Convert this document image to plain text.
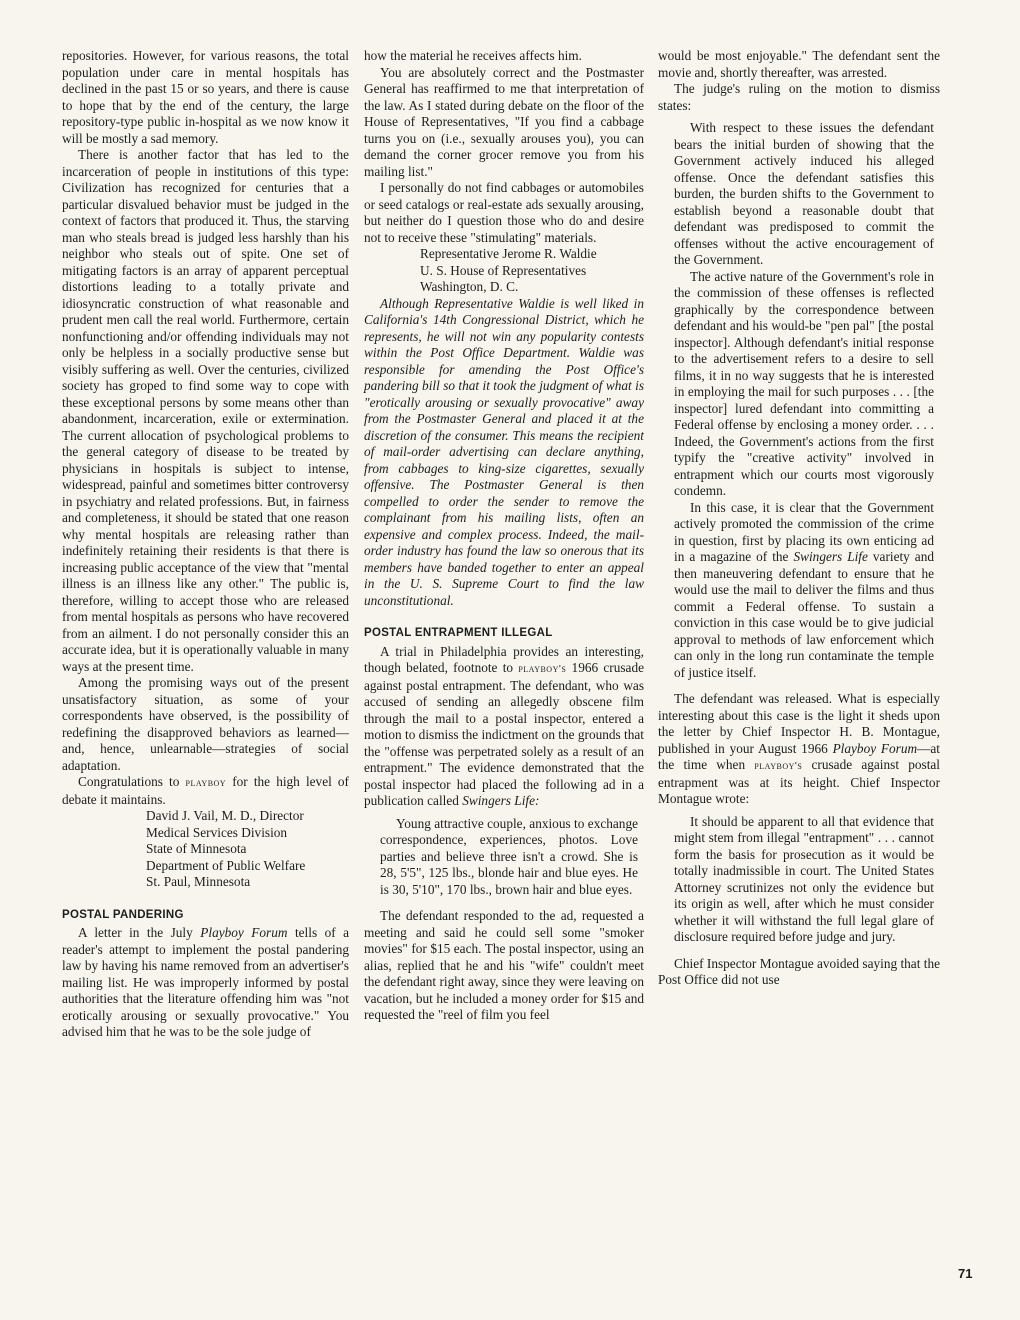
repositories. However, for various reasons, the total population under care in mental hospitals has declined in the past 15 or so years, and there is cause to hope that by the end of the century, the large repository-type public in-hospital as we now know it will be mostly a sad memory.

There is another factor that has led to the incarceration of people in institutions of this type: Civilization has recognized for centuries that a particular disvalued behavior must be judged in the context of factors that produced it. Thus, the starving man who steals bread is judged less harshly than his neighbor who steals out of spite. One set of mitigating factors is an array of apparent perceptual distortions leading to a totally private and idiosyncratic construction of what reasonable and prudent men call the real world. Furthermore, certain nonfunctioning and/or offending individuals may not only be helpless in a socially productive sense but visibly suffering as well. Over the centuries, civilized society has groped to find some way to cope with these exceptional persons by some means other than abandonment, incarceration, exile or extermination. The current allocation of psychological problems to the general category of disease to be treated by physicians in hospitals is subject to intense, widespread, painful and sometimes bitter controversy in psychiatry and related professions. But, in fairness and completeness, it should be stated that one reason why mental hospitals are releasing rather than indefinitely retaining their residents is that there is increasing public acceptance of the view that "mental illness is an illness like any other." The public is, therefore, willing to accept those who are released from mental hospitals as persons who have recovered from an ailment. I do not personally consider this an accurate idea, but it is operationally valuable in many ways at the present time.

Among the promising ways out of the present unsatisfactory situation, as some of your correspondents have observed, is the possibility of redefining the disapproved behaviors as learned—and, hence, unlearnable—strategies of social adaptation.

Congratulations to playboy for the high level of debate it maintains.

David J. Vail, M. D., Director
Medical Services Division
State of Minnesota
Department of Public Welfare
St. Paul, Minnesota
POSTAL PANDERING

A letter in the July Playboy Forum tells of a reader's attempt to implement the postal pandering law by having his name removed from an advertiser's mailing list. He was improperly informed by postal authorities that the literature offending him was "not erotically arousing or sexually provocative." You advised him that he was to be the sole judge of

how the material he receives affects him.

You are absolutely correct and the Postmaster General has reaffirmed to me that interpretation of the law. As I stated during debate on the floor of the House of Representatives, "If you find a cabbage turns you on (i.e., sexually arouses you), you can demand the corner grocer remove you from his mailing list."

I personally do not find cabbages or automobiles or seed catalogs or real-estate ads sexually arousing, but neither do I question those who do and desire not to receive these "stimulating" materials.

Representative Jerome R. Waldie
U. S. House of Representatives
Washington, D. C.

Although Representative Waldie is well liked in California's 14th Congressional District, which he represents, he will not win any popularity contests within the Post Office Department. Waldie was responsible for amending the Post Office's pandering bill so that it took the judgment of what is "erotically arousing or sexually provocative" away from the Postmaster General and placed it at the discretion of the consumer. This means the recipient of mail-order advertising can declare anything, from cabbages to king-size cigarettes, sexually offensive. The Postmaster General is then compelled to order the sender to remove the complainant from his mailing lists, often an expensive and complex process. Indeed, the mail-order industry has found the law so onerous that its members have banded together to enter an appeal in the U. S. Supreme Court to find the law unconstitutional.

POSTAL ENTRAPMENT ILLEGAL

A trial in Philadelphia provides an interesting, though belated, footnote to playboy's 1966 crusade against postal entrapment. The defendant, who was accused of sending an allegedly obscene film through the mail to a postal inspector, entered a motion to dismiss the indictment on the grounds that the "offense was perpetrated solely as a result of an entrapment." The evidence demonstrated that the postal inspector had placed the following ad in a publication called Swingers Life:

Young attractive couple, anxious to exchange correspondence, experiences, photos. Love parties and believe three isn't a crowd. She is 28, 5'5", 125 lbs., blonde hair and blue eyes. He is 30, 5'10", 170 lbs., brown hair and blue eyes.

The defendant responded to the ad, requested a meeting and said he could sell some "smoker movies" for $15 each. The postal inspector, using an alias, replied that he and his "wife" couldn't meet the defendant right away, since they were leaving on vacation, but he included a money order for $15 and requested the "reel of film you feel

would be most enjoyable." The defendant sent the movie and, shortly thereafter, was arrested.

The judge's ruling on the motion to dismiss states:

With respect to these issues the defendant bears the initial burden of showing that the Government actively induced his alleged offense. Once the defendant satisfies this burden, the burden shifts to the Government to establish beyond a reasonable doubt that defendant was predisposed to commit the offenses without the active encouragement of the Government.

The active nature of the Government's role in the commission of these offenses is reflected graphically by the correspondence between defendant and his would-be "pen pal" [the postal inspector]. Although defendant's initial response to the advertisement refers to a desire to sell films, it in no way suggests that he is interested in employing the mail for such purposes . . . [the inspector] lured defendant into committing a Federal offense by enclosing a money order. . . . Indeed, the Government's actions from the first typify the "creative activity" involved in entrapment which our courts most vigorously condemn.

In this case, it is clear that the Government actively promoted the commission of the crime in question, first by placing its own enticing ad in a magazine of the Swingers Life variety and then maneuvering defendant to ensure that he would use the mail to deliver the films and thus commit a Federal offense. To sustain a conviction in this case would be to give judicial approval to methods of law enforcement which can only in the long run contaminate the temple of justice itself.

The defendant was released. What is especially interesting about this case is the light it sheds upon the letter by Chief Inspector H. B. Montague, published in your August 1966 Playboy Forum—at the time when playboy's crusade against postal entrapment was at its height. Chief Inspector Montague wrote:

It should be apparent to all that evidence that might stem from illegal "entrapment" . . . cannot form the basis for prosecution as it would be totally inadmissible in court. The United States Attorney scrutinizes not only the evidence but its origin as well, after which he must consider whether it will withstand the full legal glare of disclosure required before judge and jury.

Chief Inspector Montague avoided saying that the Post Office did not use

71
